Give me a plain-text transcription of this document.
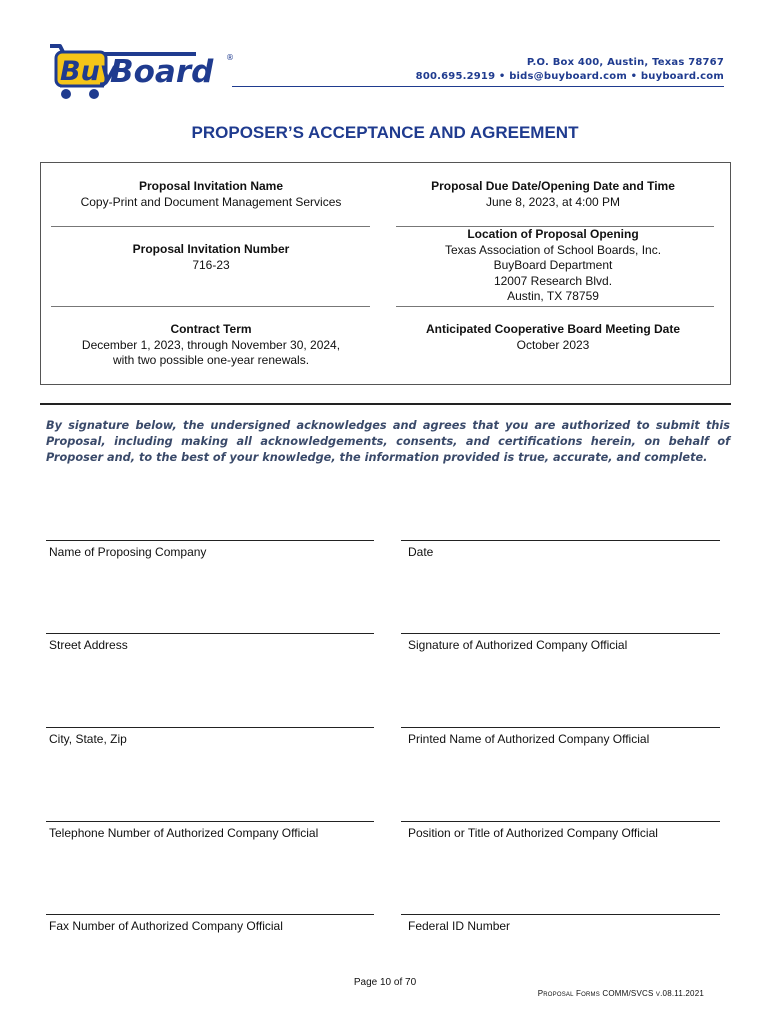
Buy
Board ®	P.O. Box 400, Austin, Texas 78767
800.695.2919 • bids@buyboard.com • buyboard.com
PROPOSER’S ACCEPTANCE AND AGREEMENT
Proposal Invitation Name
Copy-Print and Document Management Services
Proposal Due Date/Opening Date and Time
June 8, 2023, at 4:00 PM
Proposal Invitation Number
716-23
Location of Proposal Opening
Texas Association of School Boards, Inc.
BuyBoard Department
12007 Research Blvd.
Austin, TX 78759
Contract Term
December 1, 2023, through November 30, 2024,
with two possible one-year renewals.
Anticipated Cooperative Board Meeting Date
October 2023
By signature below, the undersigned acknowledges and agrees that you are authorized to submit this Proposal, including making all acknowledgements, consents, and certifications herein, on behalf of Proposer and, to the best of your knowledge, the information provided is true, accurate, and complete.
Name of Proposing Company	Date
Street Address	Signature of Authorized Company Official
City, State, Zip	Printed Name of Authorized Company Official
Telephone Number of Authorized Company Official	Position or Title of Authorized Company Official
Fax Number of Authorized Company Official	Federal ID Number
Page 10 of 70
Proposal Forms COMM/SVCS v.08.11.2021
